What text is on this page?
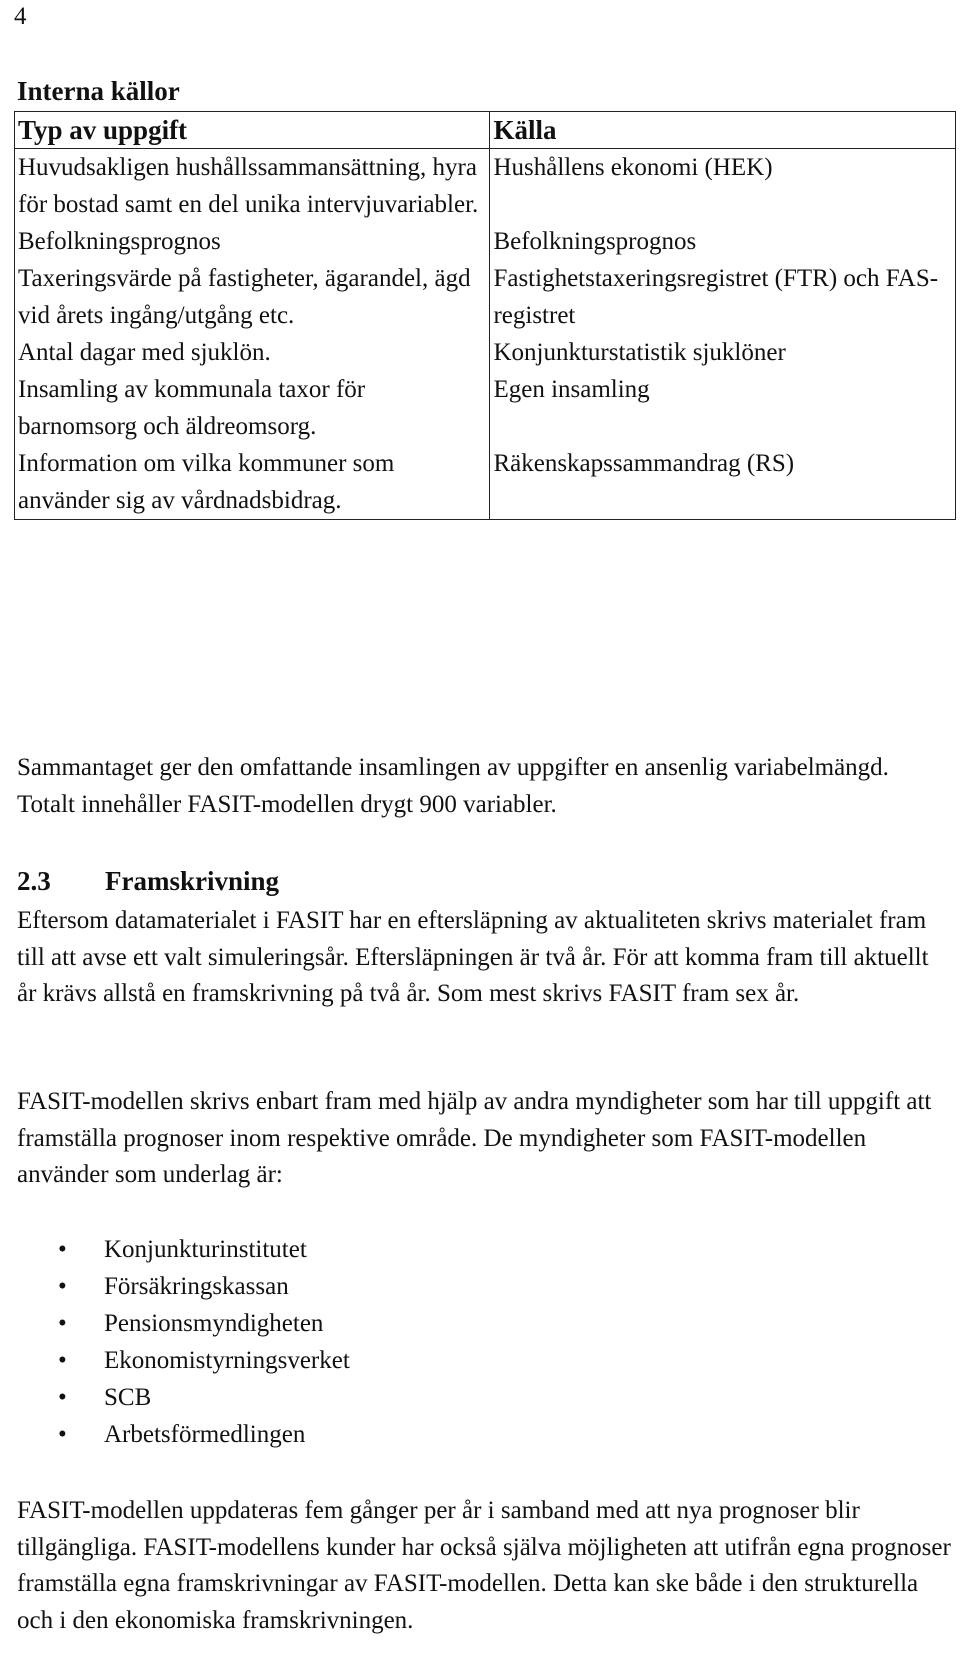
4
Interna källor
Typ av uppgift	Källa
Huvudsakligen hushållssammansättning, hyra för bostad samt en del unika intervjuvariabler.	Hushållens ekonomi (HEK)
Befolkningsprognos	Befolkningsprognos
Taxeringsvärde på fastigheter, ägarandel, ägd vid årets ingång/utgång etc.	Fastighetstaxeringsregistret (FTR) och FAS-registret
Antal dagar med sjuklön.	Konjunkturstatistik sjuklöner
Insamling av kommunala taxor för barnomsorg och äldreomsorg.	Egen insamling
Information om vilka kommuner som använder sig av vårdnadsbidrag.	Räkenskapssammandrag (RS)

Sammantaget ger den omfattande insamlingen av uppgifter en ansenlig variabelmängd. Totalt innehåller FASIT-modellen drygt 900 variabler.

2.3 Framskrivning

Eftersom datamaterialet i FASIT har en eftersläpning av aktualiteten skrivs materialet fram till att avse ett valt simuleringsår. Eftersläpningen är två år. För att komma fram till aktuellt år krävs allstå en framskrivning på två år. Som mest skrivs FASIT fram sex år.

FASIT-modellen skrivs enbart fram med hjälp av andra myndigheter som har till uppgift att framställa prognoser inom respektive område. De myndigheter som FASIT-modellen använder som underlag är:

• Konjunkturinstitutet
• Försäkringskassan
• Pensionsmyndigheten
• Ekonomistyrningsverket
• SCB
• Arbetsförmedlingen

FASIT-modellen uppdateras fem gånger per år i samband med att nya prognoser blir tillgängliga. FASIT-modellens kunder har också själva möjligheten att utifrån egna prognoser framställa egna framskrivningar av FASIT-modellen. Detta kan ske både i den strukturella och i den ekonomiska framskrivningen.
